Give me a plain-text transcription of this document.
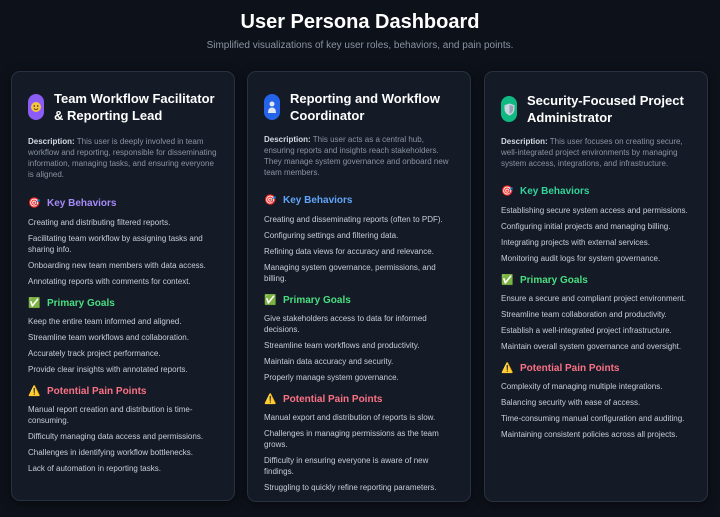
User Persona Dashboard
Simplified visualizations of key user roles, behaviors, and pain points.
Team Workflow Facilitator & Reporting Lead
Description: This user is deeply involved in team workflow and reporting, responsible for disseminating information, managing tasks, and ensuring everyone is aligned.
🎯 Key Behaviors
Creating and distributing filtered reports.
Facilitating team workflow by assigning tasks and sharing info.
Onboarding new team members with data access.
Annotating reports with comments for context.
✅ Primary Goals
Keep the entire team informed and aligned.
Streamline team workflows and collaboration.
Accurately track project performance.
Provide clear insights with annotated reports.
⚠️ Potential Pain Points
Manual report creation and distribution is time-consuming.
Difficulty managing data access and permissions.
Challenges in identifying workflow bottlenecks.
Lack of automation in reporting tasks.
Reporting and Workflow Coordinator
Description: This user acts as a central hub, ensuring reports and insights reach stakeholders. They manage system governance and onboard new team members.
🎯 Key Behaviors
Creating and disseminating reports (often to PDF).
Configuring settings and filtering data.
Refining data views for accuracy and relevance.
Managing system governance, permissions, and billing.
✅ Primary Goals
Give stakeholders access to data for informed decisions.
Streamline team workflows and productivity.
Maintain data accuracy and security.
Properly manage system governance.
⚠️ Potential Pain Points
Manual export and distribution of reports is slow.
Challenges in managing permissions as the team grows.
Difficulty in ensuring everyone is aware of new findings.
Struggling to quickly refine reporting parameters.
Security-Focused Project Administrator
Description: This user focuses on creating secure, well-integrated project environments by managing system access, integrations, and infrastructure.
🎯 Key Behaviors
Establishing secure system access and permissions.
Configuring initial projects and managing billing.
Integrating projects with external services.
Monitoring audit logs for system governance.
✅ Primary Goals
Ensure a secure and compliant project environment.
Streamline team collaboration and productivity.
Establish a well-integrated project infrastructure.
Maintain overall system governance and oversight.
⚠️ Potential Pain Points
Complexity of managing multiple integrations.
Balancing security with ease of access.
Time-consuming manual configuration and auditing.
Maintaining consistent policies across all projects.
